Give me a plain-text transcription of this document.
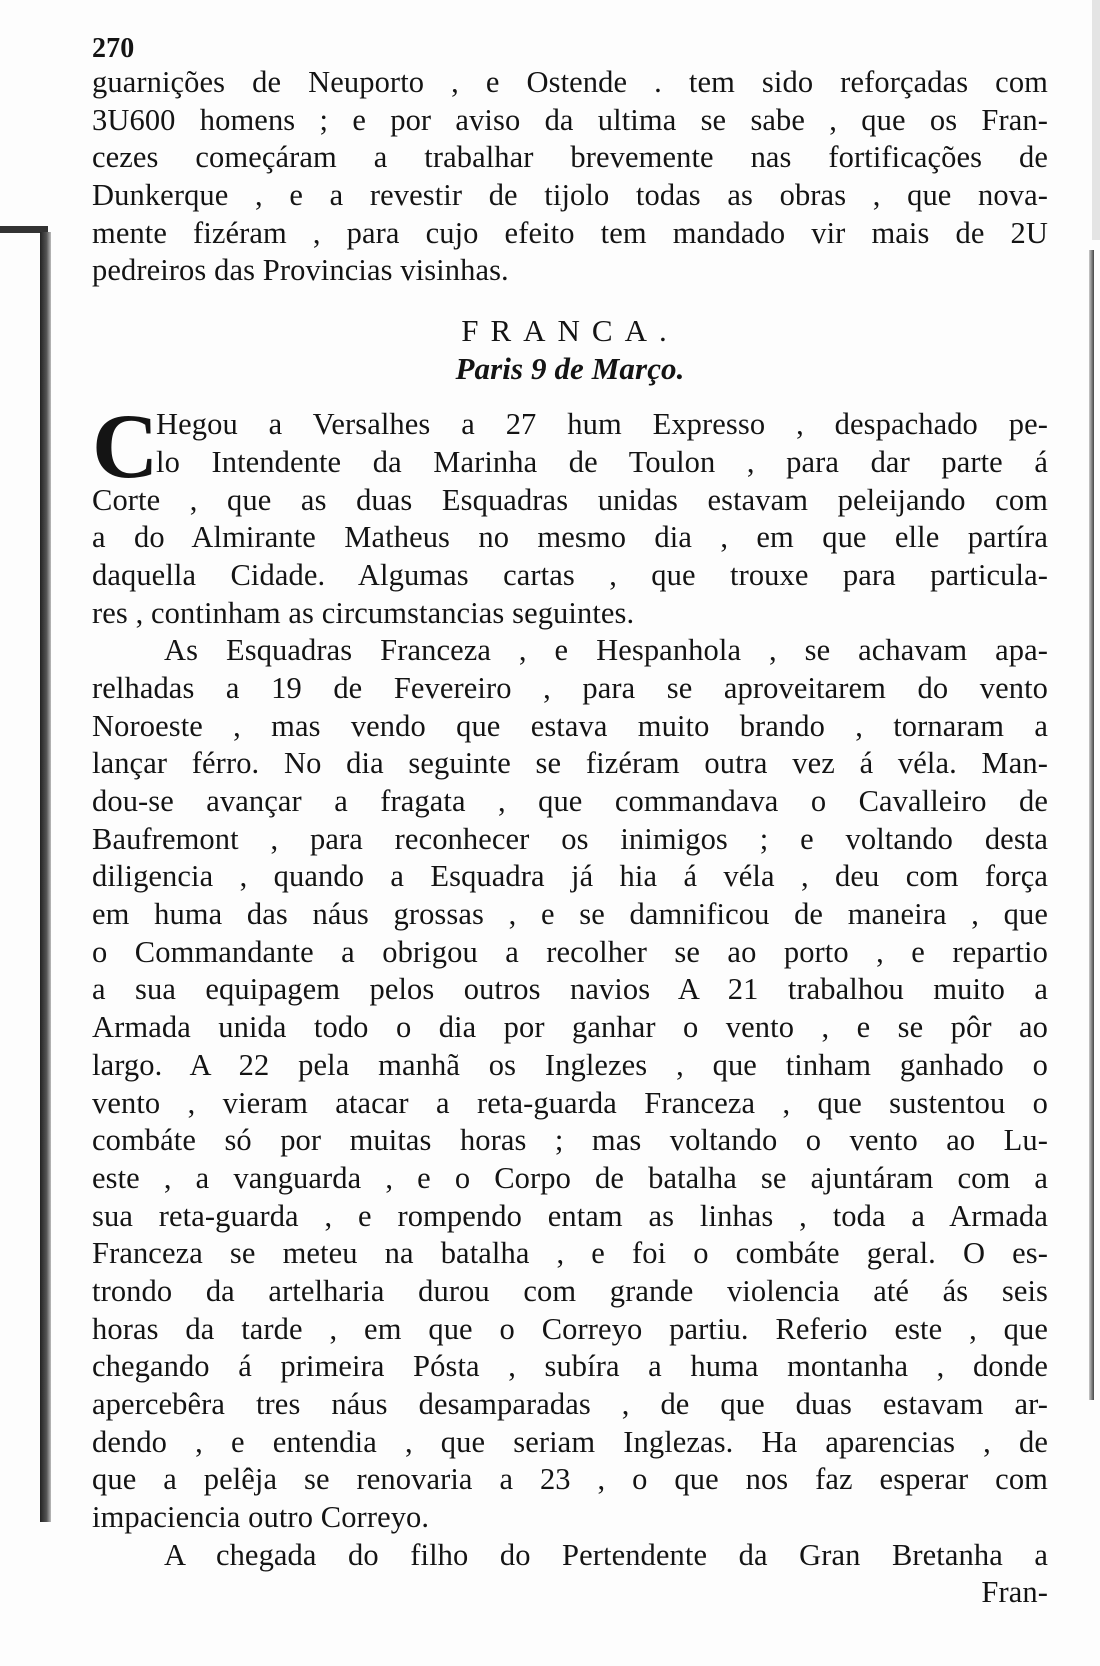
270
guarnições de Neuporto , e Ostende . tem sido reforçadas com
3U600 homens ; e por aviso da ultima se sabe , que os Fran-
cezes começáram a trabalhar brevemente nas fortificações de
Dunkerque , e a revestir de tijolo todas as obras , que nova-
mente fizéram , para cujo efeito tem mandado vir mais de 2U
pedreiros das Provincias visinhas.
FRANCA.
Paris 9 de Março.
C
Hegou a Versalhes a 27 hum Expresso , despachado pe-
lo Intendente da Marinha de Toulon , para dar parte á
Corte , que as duas Esquadras unidas estavam peleijando com
a do Almirante Matheus no mesmo dia , em que elle partíra
daquella Cidade. Algumas cartas , que trouxe para particula-
res , continham as circumstancias seguintes.
As Esquadras Franceza , e Hespanhola , se achavam apa-
relhadas a 19 de Fevereiro , para se aproveitarem do vento
Noroeste , mas vendo que estava muito brando , tornaram a
lançar férro. No dia seguinte se fizéram outra vez á véla. Man-
dou-se avançar a fragata , que commandava o Cavalleiro de
Baufremont , para reconhecer os inimigos ; e voltando desta
diligencia , quando a Esquadra já hia á véla , deu com força
em huma das náus grossas , e se damnificou de maneira , que
o Commandante a obrigou a recolher se ao porto , e repartio
a sua equipagem pelos outros navios A 21 trabalhou muito a
Armada unida todo o dia por ganhar o vento , e se pôr ao
largo. A 22 pela manhã os Inglezes , que tinham ganhado o
vento , vieram atacar a reta-guarda Franceza , que sustentou o
combáte só por muitas horas ; mas voltando o vento ao Lu-
este , a vanguarda , e o Corpo de batalha se ajuntáram com a
sua reta-guarda , e rompendo entam as linhas , toda a Armada
Franceza se meteu na batalha , e foi o combáte geral. O es-
trondo da artelharia durou com grande violencia até ás seis
horas da tarde , em que o Correyo partiu. Referio este , que
chegando á primeira Pósta , subíra a huma montanha , donde
apercebêra tres náus desamparadas , de que duas estavam ar-
dendo , e entendia , que seriam Inglezas. Ha aparencias , de
que a pelêja se renovaria a 23 , o que nos faz esperar com
impaciencia outro Correyo.
A chegada do filho do Pertendente da Gran Bretanha a
Fran-
